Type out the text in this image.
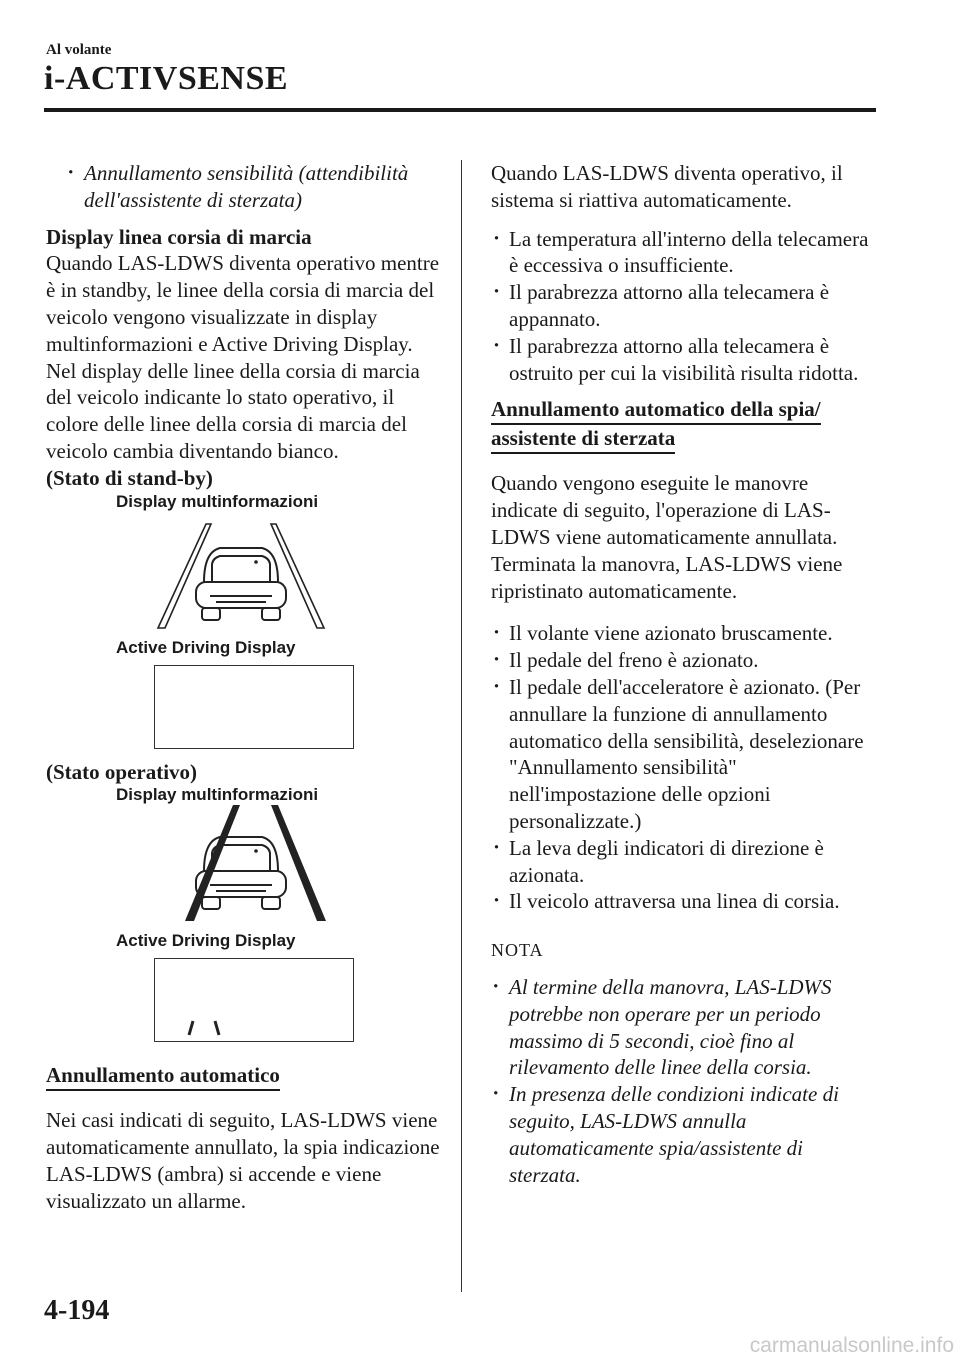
Al volante
i-ACTIVSENSE

· Annullamento sensibilità (attendibilità dell'assistente di sterzata)

Display linea corsia di marcia

Quando LAS-LDWS diventa operativo mentre è in standby, le linee della corsia di marcia del veicolo vengono visualizzate in display multinformazioni e Active Driving Display. Nel display delle linee della corsia di marcia del veicolo indicante lo stato operativo, il colore delle linee della corsia di marcia del veicolo cambia diventando bianco.

(Stato di stand-by)

Display multinformazioni
Active Driving Display

(Stato operativo)

Display multinformazioni
Active Driving Display

Annullamento automatico

Nei casi indicati di seguito, LAS-LDWS viene automaticamente annullato, la spia indicazione LAS-LDWS (ambra) si accende e viene visualizzato un allarme.

Quando LAS-LDWS diventa operativo, il sistema si riattiva automaticamente.

· La temperatura all'interno della telecamera è eccessiva o insufficiente.

· Il parabrezza attorno alla telecamera è appannato.

· Il parabrezza attorno alla telecamera è ostruito per cui la visibilità risulta ridotta.

Annullamento automatico della spia/

assistente di sterzata

Quando vengono eseguite le manovre indicate di seguito, l'operazione di LAS-LDWS viene automaticamente annullata. Terminata la manovra, LAS-LDWS viene ripristinato automaticamente.

· Il volante viene azionato bruscamente.

· Il pedale del freno è azionato.

· Il pedale dell'acceleratore è azionato. (Per annullare la funzione di annullamento automatico della sensibilità, deselezionare "Annullamento sensibilità" nell'impostazione delle opzioni personalizzate.)

· La leva degli indicatori di direzione è azionata.

· Il veicolo attraversa una linea di corsia.

NOTA

· Al termine della manovra, LAS-LDWS potrebbe non operare per un periodo massimo di 5 secondi, cioè fino al rilevamento delle linee della corsia.

· In presenza delle condizioni indicate di seguito, LAS-LDWS annulla automaticamente spia/assistente di sterzata.

4-194
carmanualsonline.info
